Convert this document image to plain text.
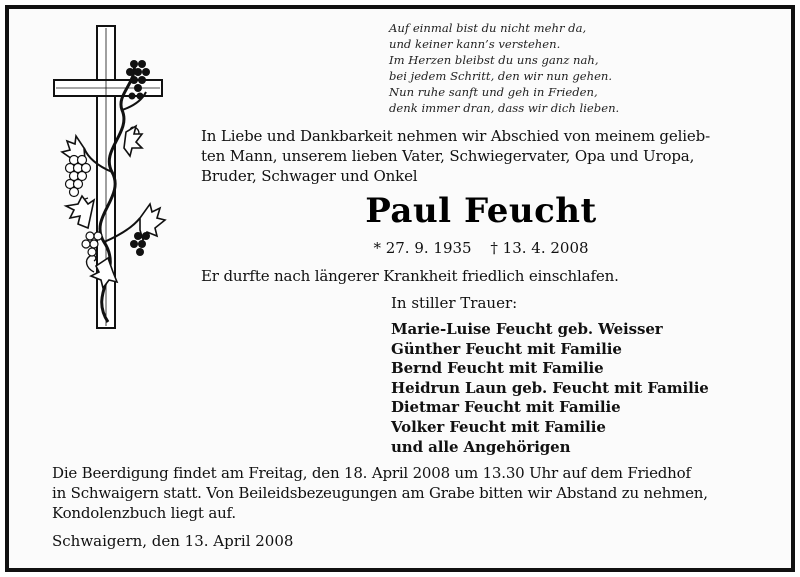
Auf einmal bist du nicht mehr da,
und keiner kann’s verstehen.
Im Herzen bleibst du uns ganz nah,
bei jedem Schritt, den wir nun gehen.
Nun ruhe sanft und geh in Frieden,
denk immer dran, dass wir dich lieben.
In Liebe und Dankbarkeit nehmen wir Abschied von meinem gelieb-
ten Mann, unserem lieben Vater, Schwiegervater, Opa und Uropa,
Bruder, Schwager und Onkel
Paul Feucht
* 27. 9. 1935 † 13. 4. 2008
Er durfte nach längerer Krankheit friedlich einschlafen.
In stiller Trauer:
Marie-Luise Feucht geb. Weisser
Günther Feucht mit Familie
Bernd Feucht mit Familie
Heidrun Laun geb. Feucht mit Familie
Dietmar Feucht mit Familie
Volker Feucht mit Familie
und alle Angehörigen
Die Beerdigung findet am Freitag, den 18. April 2008 um 13.30 Uhr auf dem Friedhof
in Schwaigern statt. Von Beileidsbezeugungen am Grabe bitten wir Abstand zu nehmen,
Kondolenzbuch liegt auf.
Schwaigern, den 13. April 2008
